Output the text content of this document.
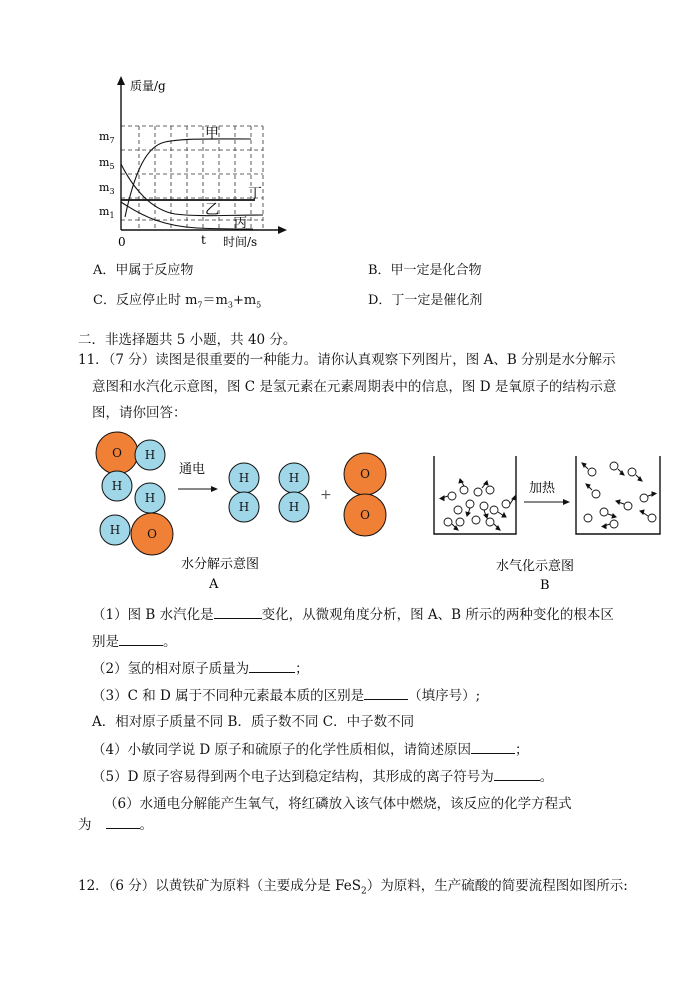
质量/g
时间/s
0	t
$m_7$
$m_5$
$m_3$
$m_1$
甲
丁
乙
丙
A．甲属于反应物	B．甲一定是化合物
C．反应停止时 $m_7=m_3+m_5$	D．丁一定是催化剂
二．非选择题共 5 小题，共 40 分。
11．（7 分）读图是很重要的一种能力。请你认真观察下列图片，图 A、B 分别是水分解示
意图和水汽化示意图，图 C 是氢元素在元素周期表中的信息，图 D 是氧原子的结构示意
图，请你回答：
O H
H
H
H O
H
H
H
H
O
O
通电
+
水分解示意图
A
加热
水气化示意图
B
（1）图 B 水汽化是	变化，从微观角度分析，图 A、B 所示的两种变化的根本区
别是	。
（2）氢的相对原子质量为	；
（3）C 和 D 属于不同种元素最本质的区别是	（填序号）;
A．相对原子质量不同 B．质子数不同 C．中子数不同
（4）小敏同学说 D 原子和硫原子的化学性质相似，请简述原因	；
（5）D 原子容易得到两个电子达到稳定结构，其形成的离子符号为	。
（6）水通电分解能产生氧气，将红磷放入该气体中燃烧，该反应的化学方程式
为	。
12．（6 分）以黄铁矿为原料（主要成分是 FeS$_2$）为原料，生产硫酸的简要流程图如图所示:
